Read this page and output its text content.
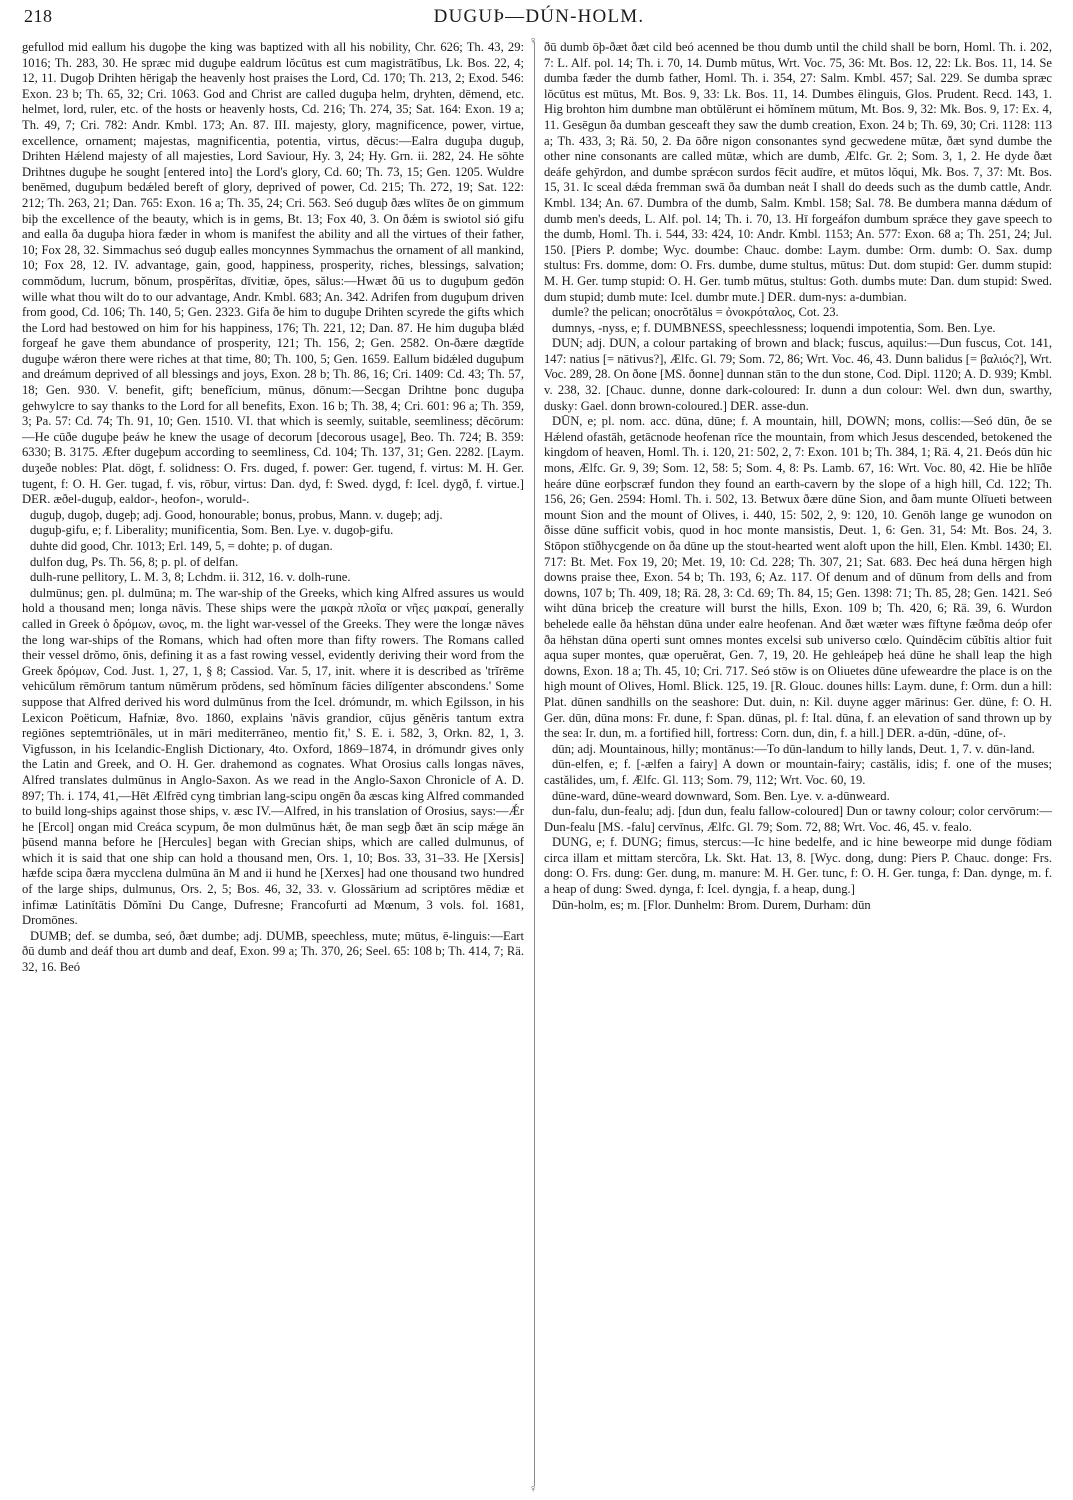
218	DUGUÞ—DÚN-HOLM.

gefullod mid eallum his dugoþe the king was baptized with all his nobility, Chr. 626; Th. 43, 29: 1016; Th. 283, 30. He spræc mid duguþe ealdrum lŏcūtus est cum magistrātĭbus, Lk. Bos. 22, 4; 12, 11. Dugoþ Drihten hērigaþ the heavenly host praises the Lord, Cd. 170; Th. 213, 2; Exod. 546: Exon. 23 b; Th. 65, 32; Cri. 1063. God and Christ are called duguþa helm, dryhten, dēmend, etc. helmet, lord, ruler, etc. of the hosts or heavenly hosts, Cd. 216; Th. 274, 35; Sat. 164: Exon. 19 a; Th. 49, 7; Cri. 782: Andr. Kmbl. 173; An. 87. III. majesty, glory, magnificence, power, virtue, excellence, ornament; majestas, magnificentia, potentia, virtus, dĕcus:—Ealra duguþa duguþ, Drihten Hǽlend majesty of all majesties, Lord Saviour, Hy. 3, 24; Hy. Grn. ii. 282, 24. He sōhte Drihtnes duguþe he sought [entered into] the Lord's glory, Cd. 60; Th. 73, 15; Gen. 1205. Wuldre benēmed, duguþum bedǽled bereft of glory, deprived of power, Cd. 215; Th. 272, 19; Sat. 122: 212; Th. 263, 21; Dan. 765: Exon. 16 a; Th. 35, 24; Cri. 563. Seó duguþ ðæs wlītes ðe on gimmum biþ the excellence of the beauty, which is in gems, Bt. 13; Fox 40, 3. On ðǽm is swiotol sió gifu and ealla ða duguþa hiora fæder in whom is manifest the ability and all the virtues of their father, 10; Fox 28, 32. Simmachus seó duguþ ealles moncynnes Symmachus the ornament of all mankind, 10; Fox 28, 12. IV. advantage, gain, good, happiness, prosperity, riches, blessings, salvation; commŏdum, lucrum, bŏnum, prospĕrĭtas, dīvitiæ, ŏpes, sălus:—Hwæt ðū us to duguþum geđōn wille what thou wilt do to our advantage, Andr. Kmbl. 683; An. 342. Adrifen from duguþum driven from good, Cd. 106; Th. 140, 5; Gen. 2323. Gifa ðe him to duguþe Drihten scyrede the gifts which the Lord had bestowed on him for his happiness, 176; Th. 221, 12; Dan. 87. He him duguþa blǽd forgeaf he gave them abundance of prosperity, 121; Th. 156, 2; Gen. 2582. On-ðære dægtīde duguþe wǽron there were riches at that time, 80; Th. 100, 5; Gen. 1659. Eallum bidǽled duguþum and dreámum deprived of all blessings and joys, Exon. 28 b; Th. 86, 16; Cri. 1409: Cd. 43; Th. 57, 18; Gen. 930. V. benefit, gift; benefĭcium, mūnus, dōnum:—Secgan Drihtne þonc duguþa gehwylcre to say thanks to the Lord for all benefits, Exon. 16 b; Th. 38, 4; Cri. 601: 96 a; Th. 359, 3; Pa. 57: Cd. 74; Th. 91, 10; Gen. 1510. VI. that which is seemly, suitable, seemliness; dĕcōrum:—He cūðe duguþe þeáw he knew the usage of decorum [decorous usage], Beo. Th. 724; B. 359: 6330; B. 3175. Æfter dugeþum according to seemliness, Cd. 104; Th. 137, 31; Gen. 2282. [Laym. duȝeðe nobles: Plat. dögt, f. solidness: O. Frs. duged, f. power: Ger. tugend, f. virtus: M. H. Ger. tugent, f: O. H. Ger. tugad, f. vis, rōbur, virtus: Dan. dyd, f: Swed. dygd, f: Icel. dygð, f. virtue.] DER. æðel-duguþ, ealdor-, heofon-, woruld-.

duguþ, dugoþ, dugeþ; adj. Good, honourable; bonus, probus, Mann. v. dugeþ; adj.

duguþ-gifu, e; f. Liberality; munificentia, Som. Ben. Lye. v. dugoþ-gifu.

duhte did good, Chr. 1013; Erl. 149, 5, = dohte; p. of dugan.

dulfon dug, Ps. Th. 56, 8; p. pl. of delfan.

dulh-rune pellitory, L. M. 3, 8; Lchdm. ii. 312, 16. v. dolh-rune.

dulmūnus; gen. pl. dulmūna; m. The war-ship of the Greeks, which king Alfred assures us would hold a thousand men; longa nāvis. These ships were the μακρὰ πλοῖα or νῆες μακραί, generally called in Greek ὁ δρόμων, ωνος, m. the light war-vessel of the Greeks. They were the longæ nāves the long war-ships of the Romans, which had often more than fifty rowers. The Romans called their vessel drŏmo, ōnis, defining it as a fast rowing vessel, evidently deriving their word from the Greek δρόμων, Cod. Just. 1, 27, 1, § 8; Cassiod. Var. 5, 17, init. where it is described as 'trĭrēme vehicŭlum rēmōrum tantum nūmĕrum prŏdens, sed hŏmĭnum fācies dilĭgenter abscondens.' Some suppose that Alfred derived his word dulmūnus from the Icel. drómundr, m. which Egilsson, in his Lexicon Poëticum, Hafniæ, 8vo. 1860, explains 'nāvis grandior, cūjus gĕnĕris tantum extra regiōnes septemtriōnāles, ut in māri mediterrāneo, mentio fit,' S. E. i. 582, 3, Orkn. 82, 1, 3. Vigfusson, in his Icelandic-English Dictionary, 4to. Oxford, 1869–1874, in drómundr gives only the Latin and Greek, and O. H. Ger. drahemond as cognates. What Orosius calls longas nāves, Alfred translates dulmūnus in Anglo-Saxon. As we read in the Anglo-Saxon Chronicle of A. D. 897; Th. i. 174, 41,—Hēt Ælfrēd cyng timbrian lang-scipu ongēn ða æscas king Alfred commanded to build long-ships against those ships, v. æsc IV.—Alfred, in his translation of Orosius, says:—Ǽr he [Ercol] ongan mid Creáca scypum, ðe mon dulmūnus hǽt, ðe man segþ ðæt ān scip mǽge ān þūsend manna before he [Hercules] began with Grecian ships, which are called dulmunus, of which it is said that one ship can hold a thousand men, Ors. 1, 10; Bos. 33, 31–33. He [Xersis] hæfde scipa ðæra mycclena dulmūna ān M and ii hund he [Xerxes] had one thousand two hundred of the large ships, dulmunus, Ors. 2, 5; Bos. 46, 32, 33. v. Glossārium ad scriptōres mēdiæ et infimæ Latinĭtātis Dŏmĭni Du Cange, Dufresne; Francofurti ad Mœnum, 3 vols. fol. 1681, Dromōnes.

DUMB; def. se dumba, seó, ðæt dumbe; adj. DUMB, speechless, mute; mūtus, ē-linguis:—Eart ðū dumb and deáf thou art dumb and deaf, Exon. 99 a; Th. 370, 26; Seel. 65: 108 b; Th. 414, 7; Rä. 32, 16. Beó

♀
♀

ðū dumb ōþ-ðæt ðæt cild beó acenned be thou dumb until the child shall be born, Homl. Th. i. 202, 7: L. Alf. pol. 14; Th. i. 70, 14. Dumb mūtus, Wrt. Voc. 75, 36: Mt. Bos. 12, 22: Lk. Bos. 11, 14. Se dumba fæder the dumb father, Homl. Th. i. 354, 27: Salm. Kmbl. 457; Sal. 229. Se dumba spræc lŏcūtus est mūtus, Mt. Bos. 9, 33: Lk. Bos. 11, 14. Dumbes ēlinguis, Glos. Prudent. Recd. 143, 1. Hig brohton him dumbne man obtŭlērunt ei hŏmĭnem mūtum, Mt. Bos. 9, 32: Mk. Bos. 9, 17: Ex. 4, 11. Gesēgun ða dumban gesceaft they saw the dumb creation, Exon. 24 b; Th. 69, 30; Cri. 1128: 113 a; Th. 433, 3; Rä. 50, 2. Ða ōðre nigon consonantes synd gecwedene mūtæ, ðæt synd dumbe the other nine consonants are called mūtæ, which are dumb, Ælfc. Gr. 2; Som. 3, 1, 2. He dyde ðæt deáfe gehȳrdon, and dumbe sprǽcon surdos fēcit audīre, et mūtos lŏqui, Mk. Bos. 7, 37: Mt. Bos. 15, 31. Ic sceal dǽda fremman swā ða dumban neát I shall do deeds such as the dumb cattle, Andr. Kmbl. 134; An. 67. Dumbra of the dumb, Salm. Kmbl. 158; Sal. 78. Be dumbera manna dǽdum of dumb men's deeds, L. Alf. pol. 14; Th. i. 70, 13. Hī forgeáfon dumbum sprǽce they gave speech to the dumb, Homl. Th. i. 544, 33: 424, 10: Andr. Kmbl. 1153; An. 577: Exon. 68 a; Th. 251, 24; Jul. 150. [Piers P. dombe; Wyc. doumbe: Chauc. dombe: Laym. dumbe: Orm. dumb: O. Sax. dump stultus: Frs. domme, dom: O. Frs. dumbe, dume stultus, mūtus: Dut. dom stupid: Ger. dumm stupid: M. H. Ger. tump stupid: O. H. Ger. tumb mūtus, stultus: Goth. dumbs mute: Dan. dum stupid: Swed. dum stupid; dumb mute: Icel. dumbr mute.] DER. dum-nys: a-dumbian.

dumle? the pelican; onocrŏtālus = ὀνοκρόταλος, Cot. 23.

dumnys, -nyss, e; f. DUMBNESS, speechlessness; loquendi impotentia, Som. Ben. Lye.

DUN; adj. DUN, a colour partaking of brown and black; fuscus, aquilus:—Dun fuscus, Cot. 141, 147: natius [= nātivus?], Ælfc. Gl. 79; Som. 72, 86; Wrt. Voc. 46, 43. Dunn balidus [= βαλιός?], Wrt. Voc. 289, 28. On ðone [MS. ðonne] dunnan stān to the dun stone, Cod. Dipl. 1120; A. D. 939; Kmbl. v. 238, 32. [Chauc. dunne, donne dark-coloured: Ir. dunn a dun colour: Wel. dwn dun, swarthy, dusky: Gael. donn brown-coloured.] DER. asse-dun.

DŪN, e; pl. nom. acc. dūna, dūne; f. A mountain, hill, DOWN; mons, collis:—Seó dūn, ðe se Hǽlend ofastāh, getācnode heofenan rīce the mountain, from which Jesus descended, betokened the kingdom of heaven, Homl. Th. i. 120, 21: 502, 2, 7: Exon. 101 b; Th. 384, 1; Rä. 4, 21. Ðeós dūn hic mons, Ælfc. Gr. 9, 39; Som. 12, 58: 5; Som. 4, 8: Ps. Lamb. 67, 16: Wrt. Voc. 80, 42. Hie be hlīðe heáre dūne eorþscræf fundon they found an earth-cavern by the slope of a high hill, Cd. 122; Th. 156, 26; Gen. 2594: Homl. Th. i. 502, 13. Betwux ðære dūne Sion, and ðam munte Olīueti between mount Sion and the mount of Olives, i. 440, 15: 502, 2, 9: 120, 10. Genōh lange ge wunodon on ðisse dūne sufficit vobis, quod in hoc monte mansistis, Deut. 1, 6: Gen. 31, 54: Mt. Bos. 24, 3. Stōpon stīðhycgende on ða dūne up the stout-hearted went aloft upon the hill, Elen. Kmbl. 1430; El. 717: Bt. Met. Fox 19, 20; Met. 19, 10: Cd. 228; Th. 307, 21; Sat. 683. Ðec heá duna hērgen high downs praise thee, Exon. 54 b; Th. 193, 6; Az. 117. Of denum and of dūnum from dells and from downs, 107 b; Th. 409, 18; Rä. 28, 3: Cd. 69; Th. 84, 15; Gen. 1398: 71; Th. 85, 28; Gen. 1421. Seó wiht dūna briceþ the creature will burst the hills, Exon. 109 b; Th. 420, 6; Rä. 39, 6. Wurdon behelede ealle ða hēhstan dūna under ealre heofenan. And ðæt wæter wæs fīftyne fæðma deóp ofer ða hēhstan dūna operti sunt omnes montes excelsi sub universo cœlo. Quindĕcim cŭbĭtis altior fuit aqua super montes, quæ operuĕrat, Gen. 7, 19, 20. He gehleápeþ heá dūne he shall leap the high downs, Exon. 18 a; Th. 45, 10; Cri. 717. Seó stōw is on Oliuetes dūne ufeweardre the place is on the high mount of Olives, Homl. Blick. 125, 19. [R. Glouc. dounes hills: Laym. dune, f: Orm. dun a hill: Plat. dūnen sandhills on the seashore: Dut. duin, n: Kil. duyne agger mārinus: Ger. düne, f: O. H. Ger. dūn, dūna mons: Fr. dune, f: Span. dūnas, pl. f: Ital. dūna, f. an elevation of sand thrown up by the sea: Ir. dun, m. a fortified hill, fortress: Corn. dun, din, f. a hill.] DER. a-dūn, -dūne, of-.

dūn; adj. Mountainous, hilly; montānus:—To dūn-landum to hilly lands, Deut. 1, 7. v. dūn-land.

dūn-elfen, e; f. [-ælfen a fairy] A down or mountain-fairy; castălis, idis; f. one of the muses; castălides, um, f. Ælfc. Gl. 113; Som. 79, 112; Wrt. Voc. 60, 19.

dūne-ward, dūne-weard downward, Som. Ben. Lye. v. a-dūnweard.

dun-falu, dun-fealu; adj. [dun dun, fealu fallow-coloured] Dun or tawny colour; color cervōrum:—Dun-fealu [MS. -falu] cervīnus, Ælfc. Gl. 79; Som. 72, 88; Wrt. Voc. 46, 45. v. fealo.

DUNG, e; f. DUNG; fimus, stercus:—Ic hine bedelfe, and ic hine beweorpe mid dunge fŏdiam circa illam et mittam stercŏra, Lk. Skt. Hat. 13, 8. [Wyc. dong, dung: Piers P. Chauc. donge: Frs. dong: O. Frs. dung: Ger. dung, m. manure: M. H. Ger. tunc, f: O. H. Ger. tunga, f: Dan. dynge, m. f. a heap of dung: Swed. dynga, f: Icel. dyngja, f. a heap, dung.]

Dūn-holm, es; m. [Flor. Dunhelm: Brom. Durem, Durham: dūn
